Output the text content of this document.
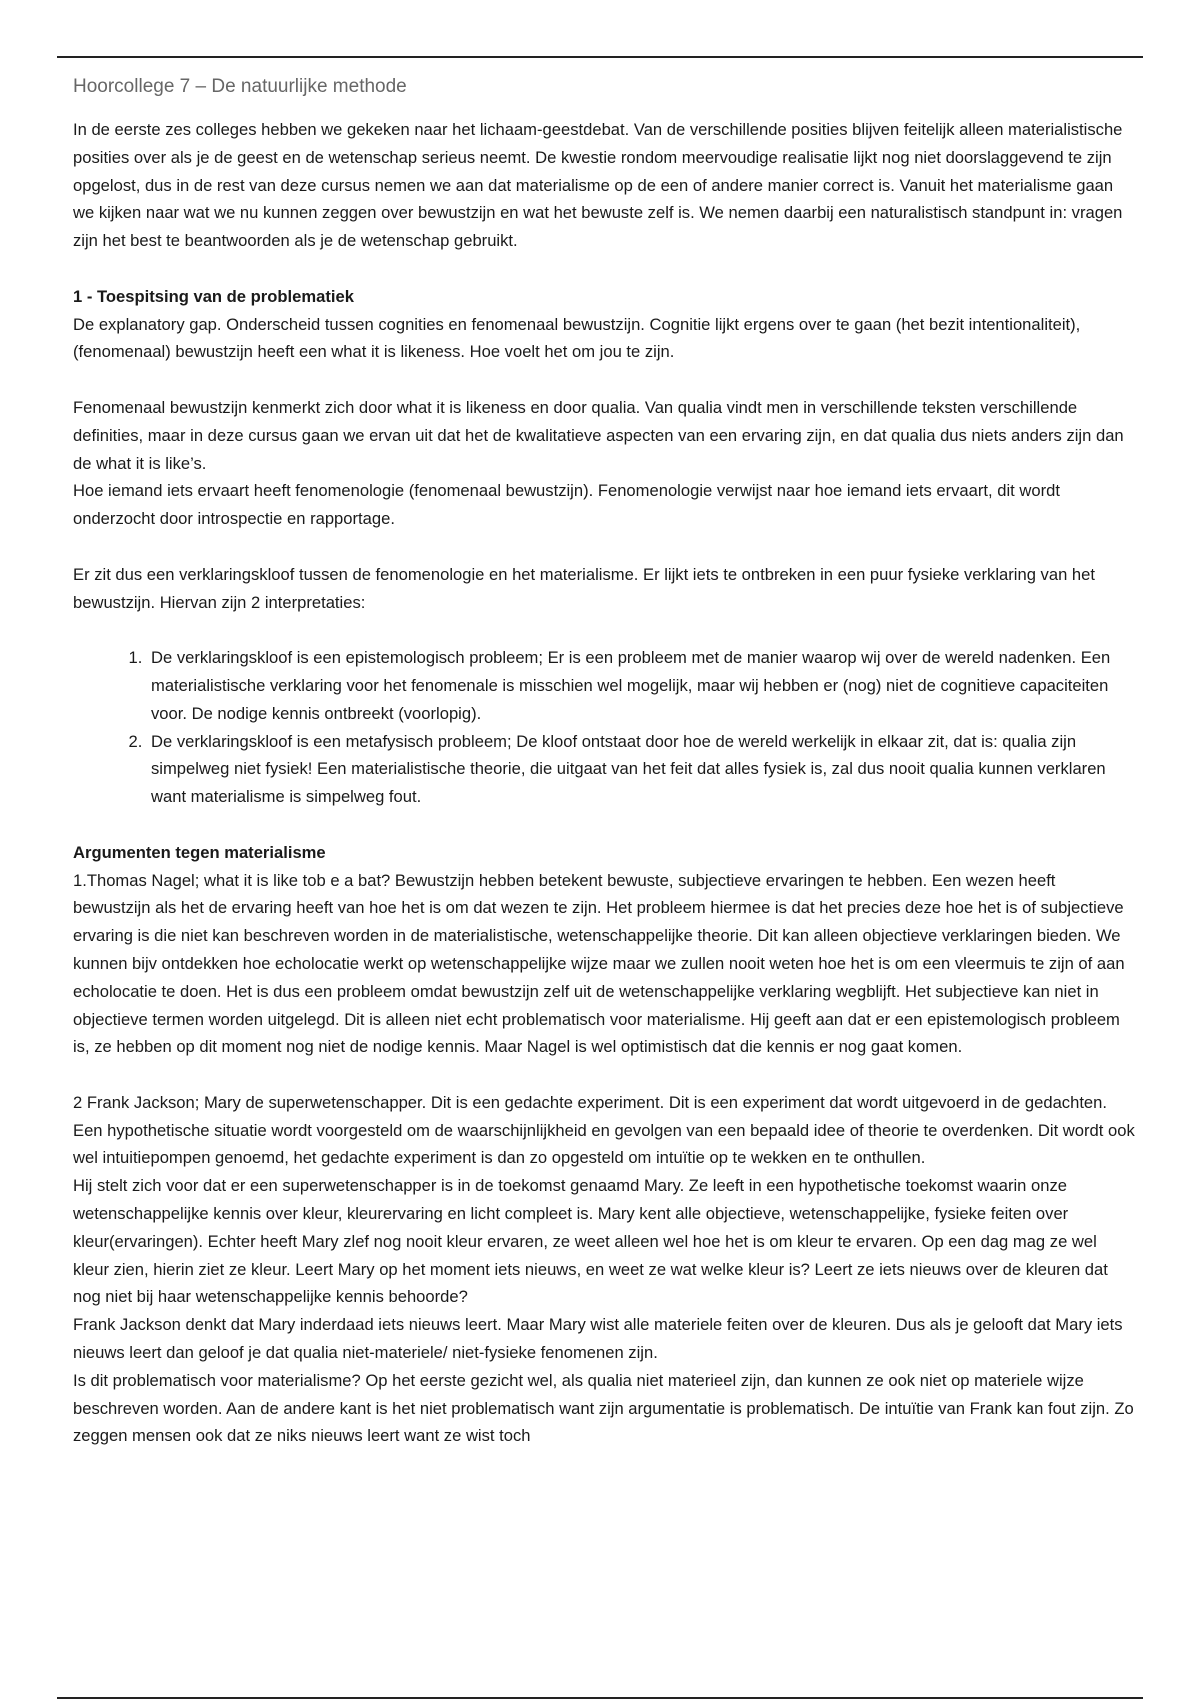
Hoorcollege 7 – De natuurlijke methode

In de eerste zes colleges hebben we gekeken naar het lichaam-geestdebat. Van de verschillende posities blijven feitelijk alleen materialistische posities over als je de geest en de wetenschap serieus neemt. De kwestie rondom meervoudige realisatie lijkt nog niet doorslaggevend te zijn opgelost, dus in de rest van deze cursus nemen we aan dat materialisme op de een of andere manier correct is. Vanuit het materialisme gaan we kijken naar wat we nu kunnen zeggen over bewustzijn en wat het bewuste zelf is. We nemen daarbij een naturalistisch standpunt in: vragen zijn het best te beantwoorden als je de wetenschap gebruikt.

1 - Toespitsing van de problematiek

De explanatory gap. Onderscheid tussen cognities en fenomenaal bewustzijn. Cognitie lijkt ergens over te gaan (het bezit intentionaliteit), (fenomenaal) bewustzijn heeft een what it is likeness. Hoe voelt het om jou te zijn.

Fenomenaal bewustzijn kenmerkt zich door what it is likeness en door qualia. Van qualia vindt men in verschillende teksten verschillende definities, maar in deze cursus gaan we ervan uit dat het de kwalitatieve aspecten van een ervaring zijn, en dat qualia dus niets anders zijn dan de what it is like’s.

Hoe iemand iets ervaart heeft fenomenologie (fenomenaal bewustzijn). Fenomenologie verwijst naar hoe iemand iets ervaart, dit wordt onderzocht door introspectie en rapportage.

Er zit dus een verklaringskloof tussen de fenomenologie en het materialisme. Er lijkt iets te ontbreken in een puur fysieke verklaring van het bewustzijn. Hiervan zijn 2 interpretaties:

1. De verklaringskloof is een epistemologisch probleem; Er is een probleem met de manier waarop wij over de wereld nadenken. Een materialistische verklaring voor het fenomenale is misschien wel mogelijk, maar wij hebben er (nog) niet de cognitieve capaciteiten voor. De nodige kennis ontbreekt (voorlopig).
2. De verklaringskloof is een metafysisch probleem; De kloof ontstaat door hoe de wereld werkelijk in elkaar zit, dat is: qualia zijn simpelweg niet fysiek! Een materialistische theorie, die uitgaat van het feit dat alles fysiek is, zal dus nooit qualia kunnen verklaren want materialisme is simpelweg fout.
Argumenten tegen materialisme

1.Thomas Nagel; what it is like tob e a bat? Bewustzijn hebben betekent bewuste, subjectieve ervaringen te hebben. Een wezen heeft bewustzijn als het de ervaring heeft van hoe het is om dat wezen te zijn. Het probleem hiermee is dat het precies deze hoe het is of subjectieve ervaring is die niet kan beschreven worden in de materialistische, wetenschappelijke theorie. Dit kan alleen objectieve verklaringen bieden. We kunnen bijv ontdekken hoe echolocatie werkt op wetenschappelijke wijze maar we zullen nooit weten hoe het is om een vleermuis te zijn of aan echolocatie te doen. Het is dus een probleem omdat bewustzijn zelf uit de wetenschappelijke verklaring wegblijft. Het subjectieve kan niet in objectieve termen worden uitgelegd. Dit is alleen niet echt problematisch voor materialisme. Hij geeft aan dat er een epistemologisch probleem is, ze hebben op dit moment nog niet de nodige kennis. Maar Nagel is wel optimistisch dat die kennis er nog gaat komen.

2 Frank Jackson; Mary de superwetenschapper. Dit is een gedachte experiment. Dit is een experiment dat wordt uitgevoerd in de gedachten. Een hypothetische situatie wordt voorgesteld om de waarschijnlijkheid en gevolgen van een bepaald idee of theorie te overdenken. Dit wordt ook wel intuitiepompen genoemd, het gedachte experiment is dan zo opgesteld om intuïtie op te wekken en te onthullen.

Hij stelt zich voor dat er een superwetenschapper is in de toekomst genaamd Mary. Ze leeft in een hypothetische toekomst waarin onze wetenschappelijke kennis over kleur, kleurervaring en licht compleet is. Mary kent alle objectieve, wetenschappelijke, fysieke feiten over kleur(ervaringen). Echter heeft Mary zlef nog nooit kleur ervaren, ze weet alleen wel hoe het is om kleur te ervaren. Op een dag mag ze wel kleur zien, hierin ziet ze kleur. Leert Mary op het moment iets nieuws, en weet ze wat welke kleur is? Leert ze iets nieuws over de kleuren dat nog niet bij haar wetenschappelijke kennis behoorde?

Frank Jackson denkt dat Mary inderdaad iets nieuws leert. Maar Mary wist alle materiele feiten over de kleuren. Dus als je gelooft dat Mary iets nieuws leert dan geloof je dat qualia niet-materiele/ niet-fysieke fenomenen zijn.

Is dit problematisch voor materialisme? Op het eerste gezicht wel, als qualia niet materieel zijn, dan kunnen ze ook niet op materiele wijze beschreven worden. Aan de andere kant is het niet problematisch want zijn argumentatie is problematisch. De intuïtie van Frank kan fout zijn. Zo zeggen mensen ook dat ze niks nieuws leert want ze wist toch
